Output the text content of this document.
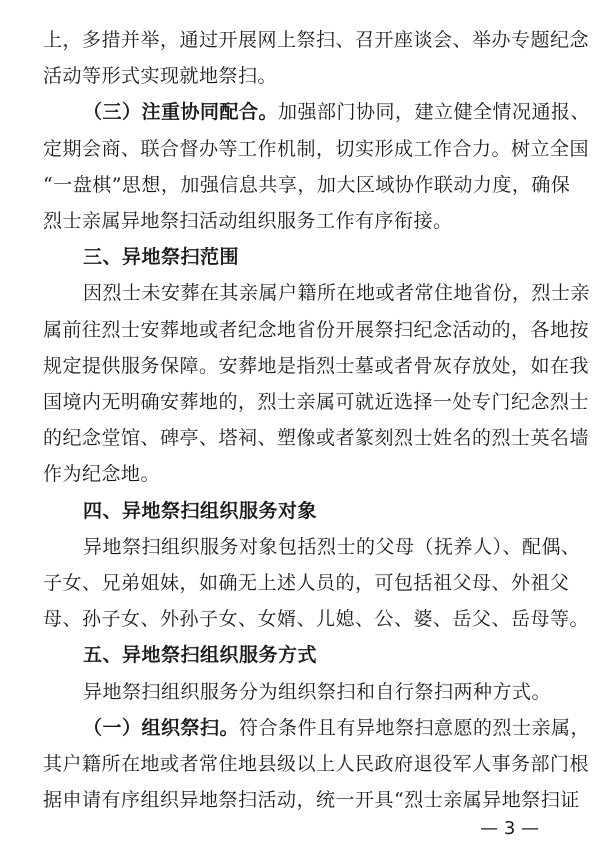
— 3 —
上，多措并举，通过开展网上祭扫、召开座谈会、举办专题纪念
活动等形式实现就地祭扫。
（三）注重协同配合。加强部门协同，建立健全情况通报、
定期会商、联合督办等工作机制，切实形成工作合力。树立全国
“一盘棋”思想，加强信息共享，加大区域协作联动力度，确保
烈士亲属异地祭扫活动组织服务工作有序衔接。
三、异地祭扫范围
因烈士未安葬在其亲属户籍所在地或者常住地省份，烈士亲
属前往烈士安葬地或者纪念地省份开展祭扫纪念活动的，各地按
规定提供服务保障。安葬地是指烈士墓或者骨灰存放处，如在我
国境内无明确安葬地的，烈士亲属可就近选择一处专门纪念烈士
的纪念堂馆、碑亭、塔祠、塑像或者篆刻烈士姓名的烈士英名墙
作为纪念地。
四、异地祭扫组织服务对象
异地祭扫组织服务对象包括烈士的父母（抚养人）、配偶、
子女、兄弟姐妹，如确无上述人员的，可包括祖父母、外祖父
母、孙子女、外孙子女、女婿、儿媳、公、婆、岳父、岳母等。
五、异地祭扫组织服务方式
异地祭扫组织服务分为组织祭扫和自行祭扫两种方式。
（一）组织祭扫。符合条件且有异地祭扫意愿的烈士亲属，
其户籍所在地或者常住地县级以上人民政府退役军人事务部门根
据申请有序组织异地祭扫活动，统一开具“烈士亲属异地祭扫证
